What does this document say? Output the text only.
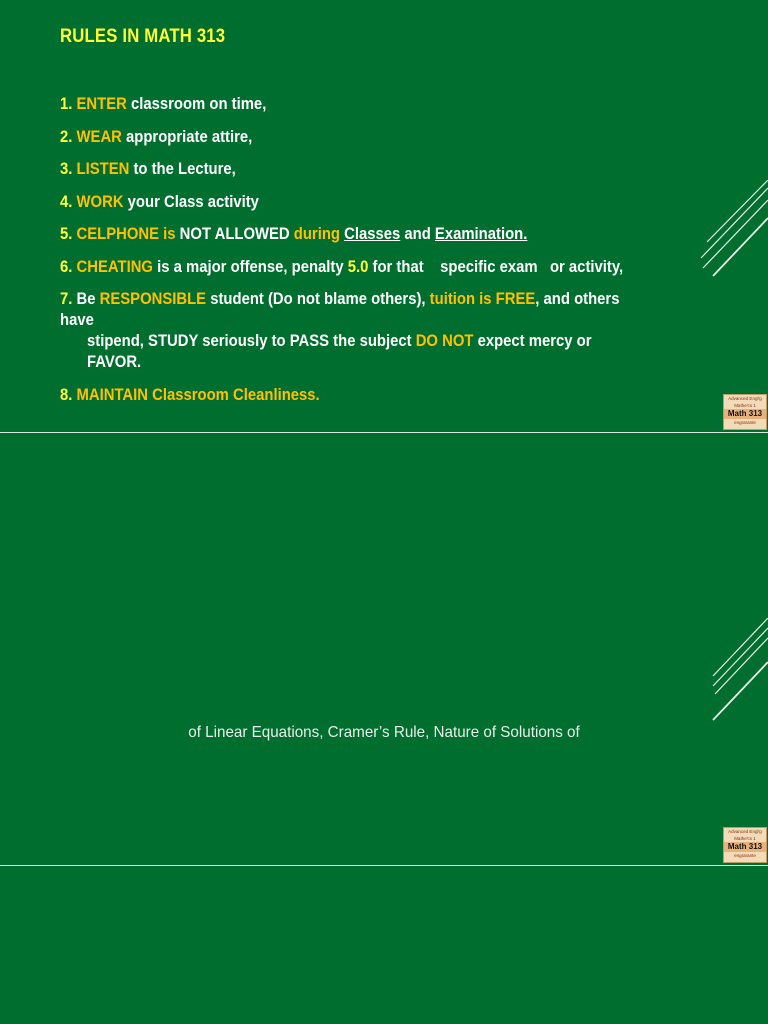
RULES IN MATH 313
1. ENTER classroom on time,
2. WEAR appropriate attire,
3. LISTEN to the Lecture,
4. WORK your Class activity
5. CELPHONE is NOT ALLOWED during Classes and Examination.
6. CHEATING is a major offense, penalty 5.0 for that    specific exam   or activity,
7. Be RESPONSIBLE student (Do not blame others), tuition is FREE, and others have
stipend, STUDY seriously to PASS the subject DO NOT expect mercy or FAVOR.
8. MAINTAIN Classroom Cleanliness.	Advanced Engl'g
Mathe'cs 1
Math 313
engrarante
of Linear Equations, Cramer’s Rule, Nature of Solutions of
Advanced Engl'g
Mathe'cs 1
Math 313
engrarante
